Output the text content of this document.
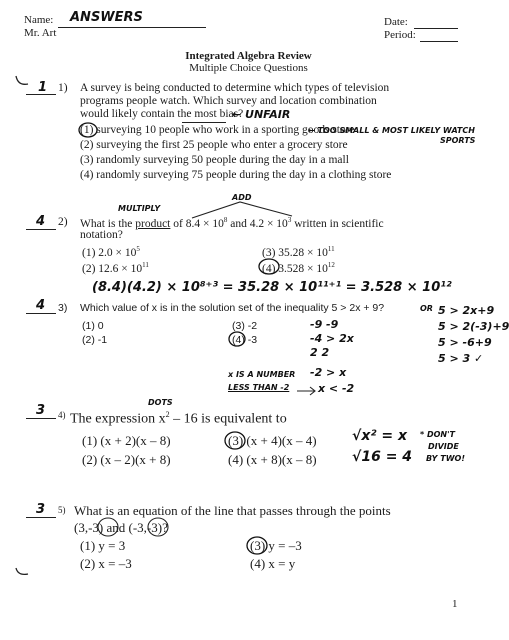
Name: ANSWERS
Mr. Art
Date:
Period:
Integrated Algebra Review
Multiple Choice Questions
1 1) A survey is being conducted to determine which types of television
programs people watch. Which survey and location combination
would likely contain the most bias?
← UNFAIR
(1) surveying 10 people who work in a sporting goods store
← TOO SMALL & MOST LIKELY WATCH
SPORTS
(2) surveying the first 25 people who enter a grocery store
(3) randomly surveying 50 people during the day in a mall
(4) randomly surveying 75 people during the day in a clothing store
ADD
MULTIPLY
4 2) What is the product of $8.4 \times 10^8$ and $4.2 \times 10^3$ written in scientific
notation?
(1) $2.0 \times 10^5$	(3) $35.28 \times 10^{11}$
(2) $12.6 \times 10^{11}$	(4) $3.528 \times 10^{12}$
(8.4)(4.2) × 10⁸⁺³ = 35.28 × 10¹¹⁺¹ = 3.528 × 10¹²
4 3) Which value of x is in the solution set of the inequality 5 > 2x + 9?	OR
(1) 0
(2) -1
(3) -2
(4) -3
-9 -9
-4 > 2x
2 2
-2 > x
x < -2
5 > 2x+9
5 > 2(-3)+9
5 > -6+9
5 > 3 ✓
x IS A NUMBER
LESS THAN -2
DOTS
3 4) The expression $x^2 - 16$ is equivalent to
(1) (x + 2)(x – 8)	(3) (x + 4)(x – 4)
(2) (x – 2)(x + 8)	(4) (x + 8)(x – 8)
√x² = x
√16 = 4
* DON'T
DIVIDE
BY TWO!
3 5) What is an equation of the line that passes through the points
(3,-3) and (-3,-3)?
(1) y = 3	(3) y = –3
(2) x = –3	(4) x = y
1
